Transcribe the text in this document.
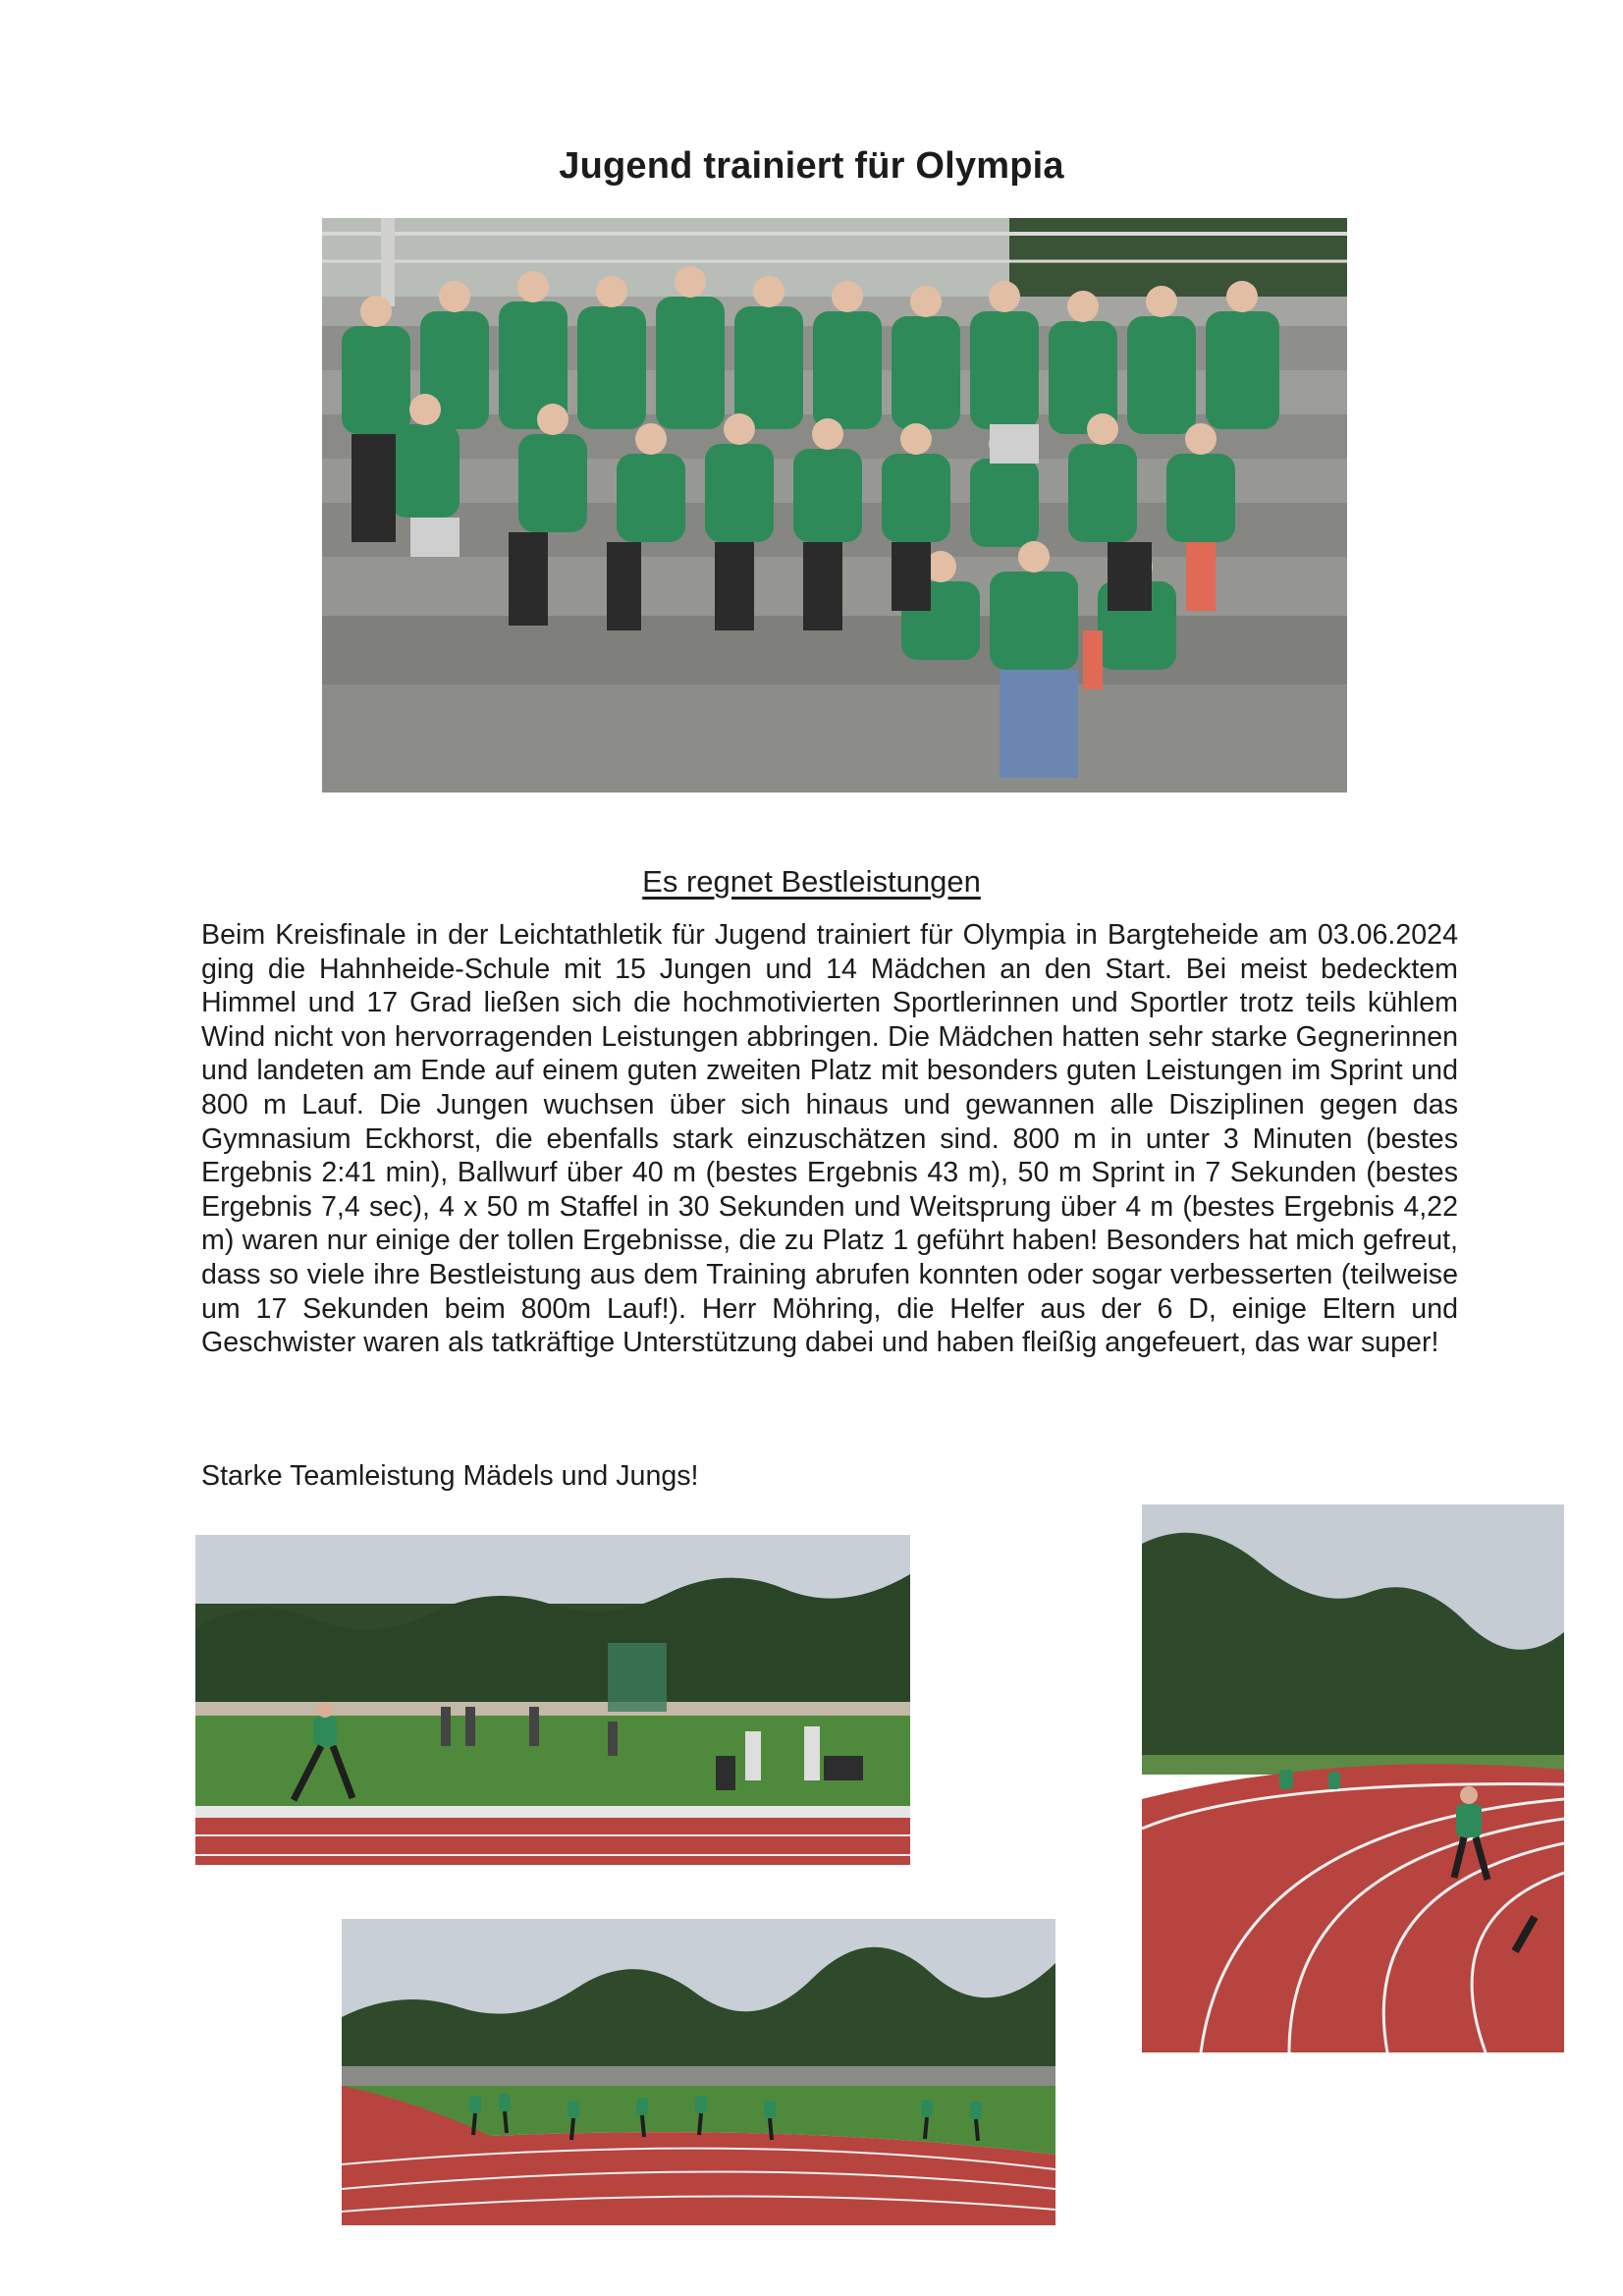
Jugend trainiert für Olympia
Es regnet Bestleistungen

Beim Kreisfinale in der Leichtathletik für Jugend trainiert für Olympia in Bargteheide am 03.06.2024 ging die Hahnheide-Schule mit 15 Jungen und 14 Mädchen an den Start. Bei meist bedecktem Himmel und 17 Grad ließen sich die hochmotivierten Sportlerinnen und Sportler trotz teils kühlem Wind nicht von hervorragenden Leistungen abbringen. Die Mädchen hatten sehr starke Gegnerinnen und landeten am Ende auf einem guten zweiten Platz mit besonders guten Leistungen im Sprint und 800 m Lauf. Die Jungen wuchsen über sich hinaus und gewannen alle Disziplinen gegen das Gymnasium Eckhorst, die ebenfalls stark einzuschätzen sind. 800 m in unter 3 Minuten (bestes Ergebnis 2:41 min), Ballwurf über 40 m (bestes Ergebnis 43 m), 50 m Sprint in 7 Sekunden (bestes Ergebnis 7,4 sec), 4 x 50 m Staffel in 30 Sekunden und Weitsprung über 4 m (bestes Ergebnis 4,22 m) waren nur einige der tollen Ergebnisse, die zu Platz 1 geführt haben! Besonders hat mich gefreut, dass so viele ihre Bestleistung aus dem Training abrufen konnten oder sogar verbesserten (teilweise um 17 Sekunden beim 800m Lauf!). Herr Möhring, die Helfer aus der 6 D, einige Eltern und Geschwister waren als tatkräftige Unterstützung dabei und haben fleißig angefeuert, das war super!

Starke Teamleistung Mädels und Jungs!
